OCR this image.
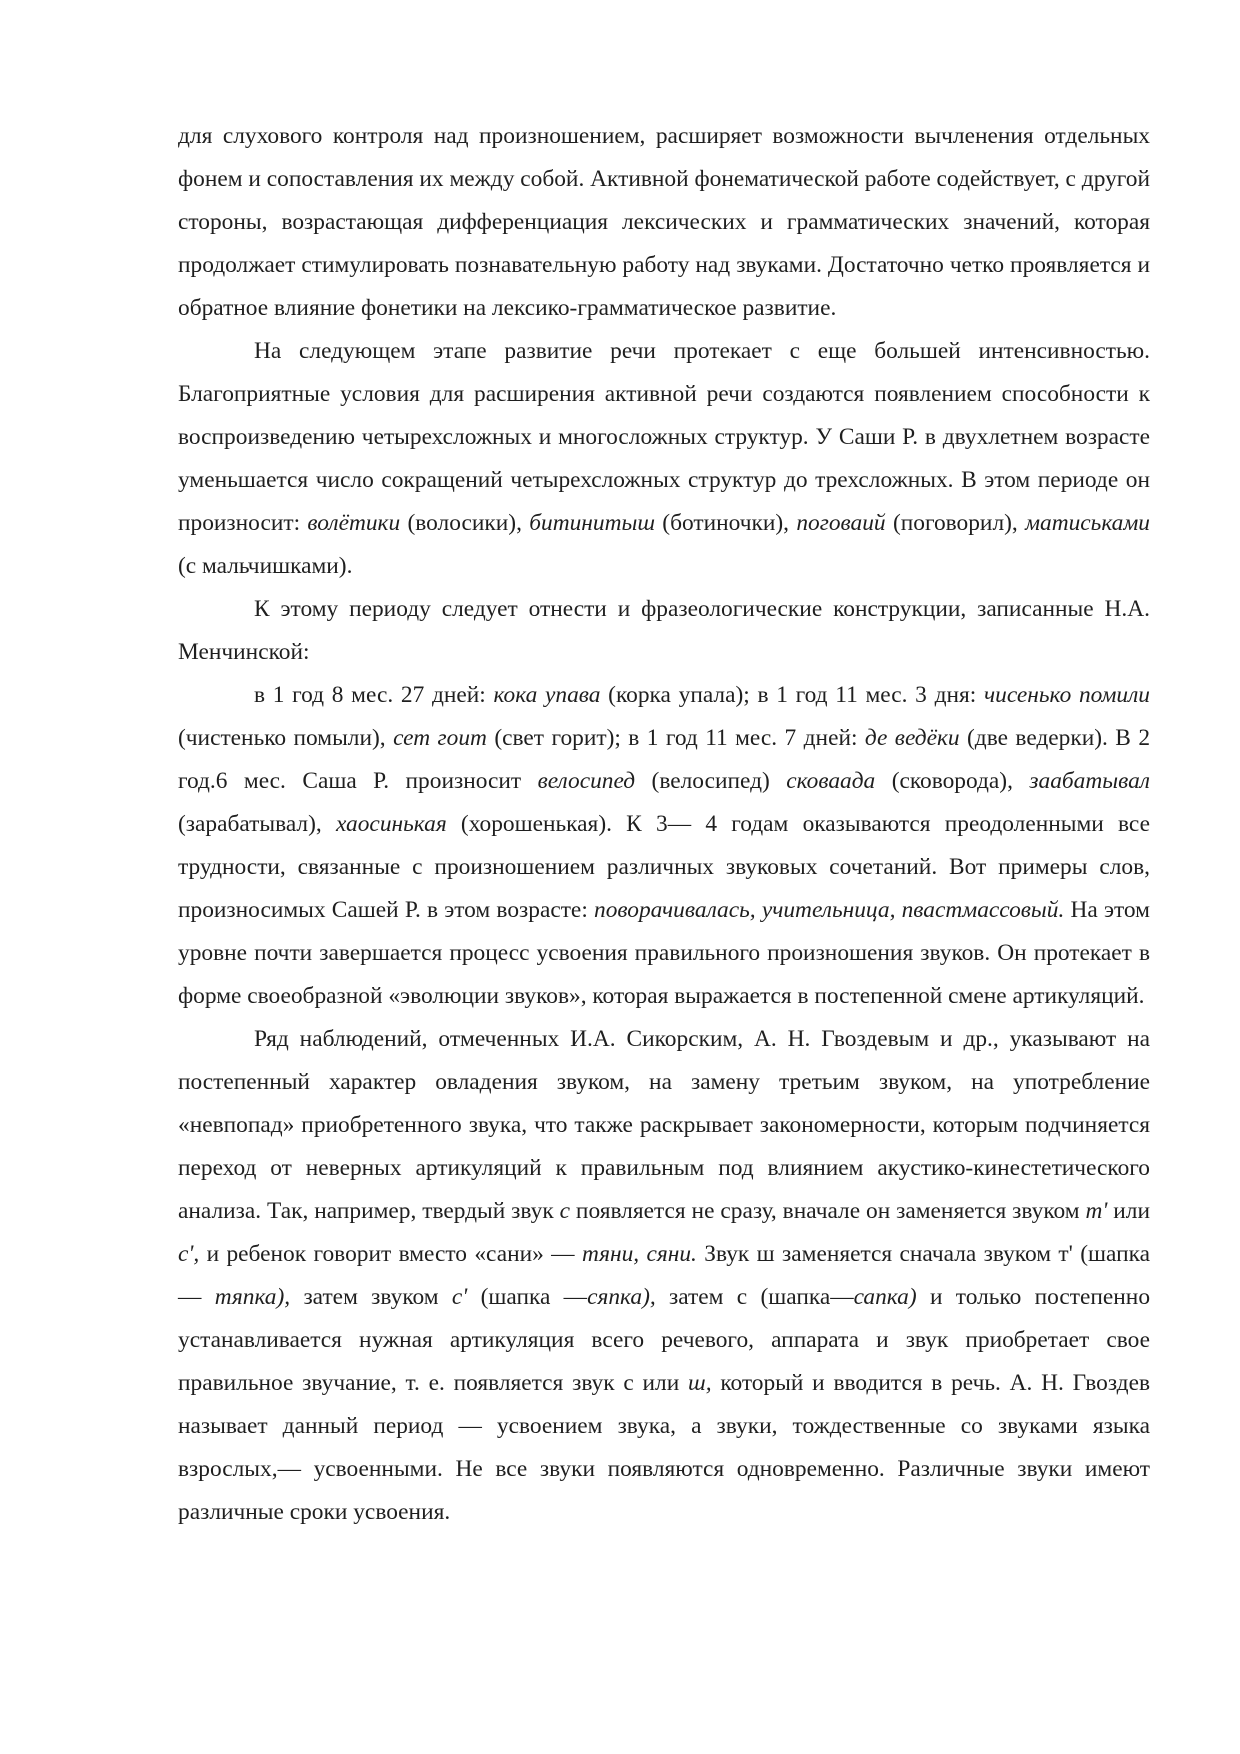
для слухового контроля над произношением, расширяет возможности вычленения отдельных фонем и сопоставления их между собой. Активной фонематической работе содействует, с другой стороны, возрастающая дифференциация лексических и грамматических значений, которая продолжает стимулировать познавательную работу над звуками. Достаточно четко проявляется и обратное влияние фонетики на лексико-грамматическое развитие.

На следующем этапе развитие речи протекает с еще большей интенсивностью. Благоприятные условия для расширения активной речи создаются появлением способности к воспроизведению четырехсложных и многосложных структур. У Саши Р. в двухлетнем возрасте уменьшается число сокращений четырехсложных структур до трехсложных. В этом периоде он произносит: волётики (волосики), битинитыш (ботиночки), поговаий (поговорил), матиськами (с мальчишками).

К этому периоду следует отнести и фразеологические конструкции, записанные Н.А. Менчинской:

в 1 год 8 мес. 27 дней: кока упава (корка упала); в 1 год 11 мес. 3 дня: чисенько помили (чистенько помыли), сет гоит (свет горит); в 1 год 11 мес. 7 дней: де ведёки (две ведерки). В 2 год.6 мес. Саша Р. произносит велосипед (велосипед) сковаада (сковорода), заабатывал (зарабатывал), хаосинькая (хорошенькая). К 3— 4 годам оказываются преодоленными все трудности, связанные с произношением различных звуковых сочетаний. Вот примеры слов, произносимых Сашей Р. в этом возрасте: поворачивалась, учительница, пвастмассовый. На этом уровне почти завершается процесс усвоения правильного произношения звуков. Он протекает в форме своеобразной «эволюции звуков», которая выражается в постепенной смене артикуляций.

Ряд наблюдений, отмеченных И.А. Сикорским, А. Н. Гвоздевым и др., указывают на постепенный характер овладения звуком, на замену третьим звуком, на употребление «невпопад» приобретенного звука, что также раскрывает закономерности, которым подчиняется переход от неверных артикуляций к правильным под влиянием акустико-кинестетического анализа. Так, например, твердый звук с появляется не сразу, вначале он заменяется звуком т' или с', и ребенок говорит вместо «сани» — тяни, сяни. Звук ш заменяется сначала звуком т' (шапка — тяпка), затем звуком с' (шапка —сяпка), затем с (шапка—сапка) и только постепенно устанавливается нужная артикуляция всего речевого, аппарата и звук приобретает свое правильное звучание, т. е. появляется звук с или ш, который и вводится в речь. А. Н. Гвоздев называет данный период — усвоением звука, а звуки, тождественные со звуками языка взрослых,— усвоенными. Не все звуки появляются одновременно. Различные звуки имеют различные сроки усвоения.
